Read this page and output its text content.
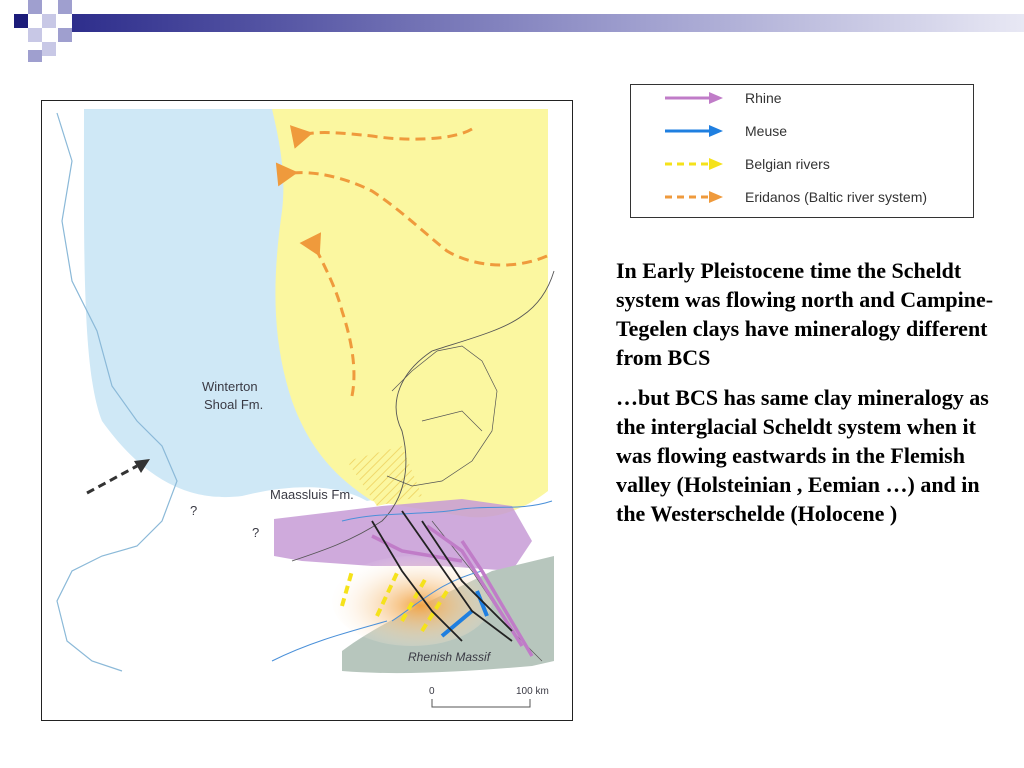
Winterton
Shoal Fm.
Maassluis Fm.
?
?
Rhenish Massif
0	100 km
Rhine
Meuse
Belgian rivers
Eridanos (Baltic river system)

In Early Pleistocene time the Scheldt system was flowing north and Campine-Tegelen clays have mineralogy different from BCS

…but BCS has same clay mineralogy as the interglacial Scheldt system when it was flowing eastwards in the Flemish valley (Holsteinian , Eemian …) and in the Westerschelde (Holocene )
